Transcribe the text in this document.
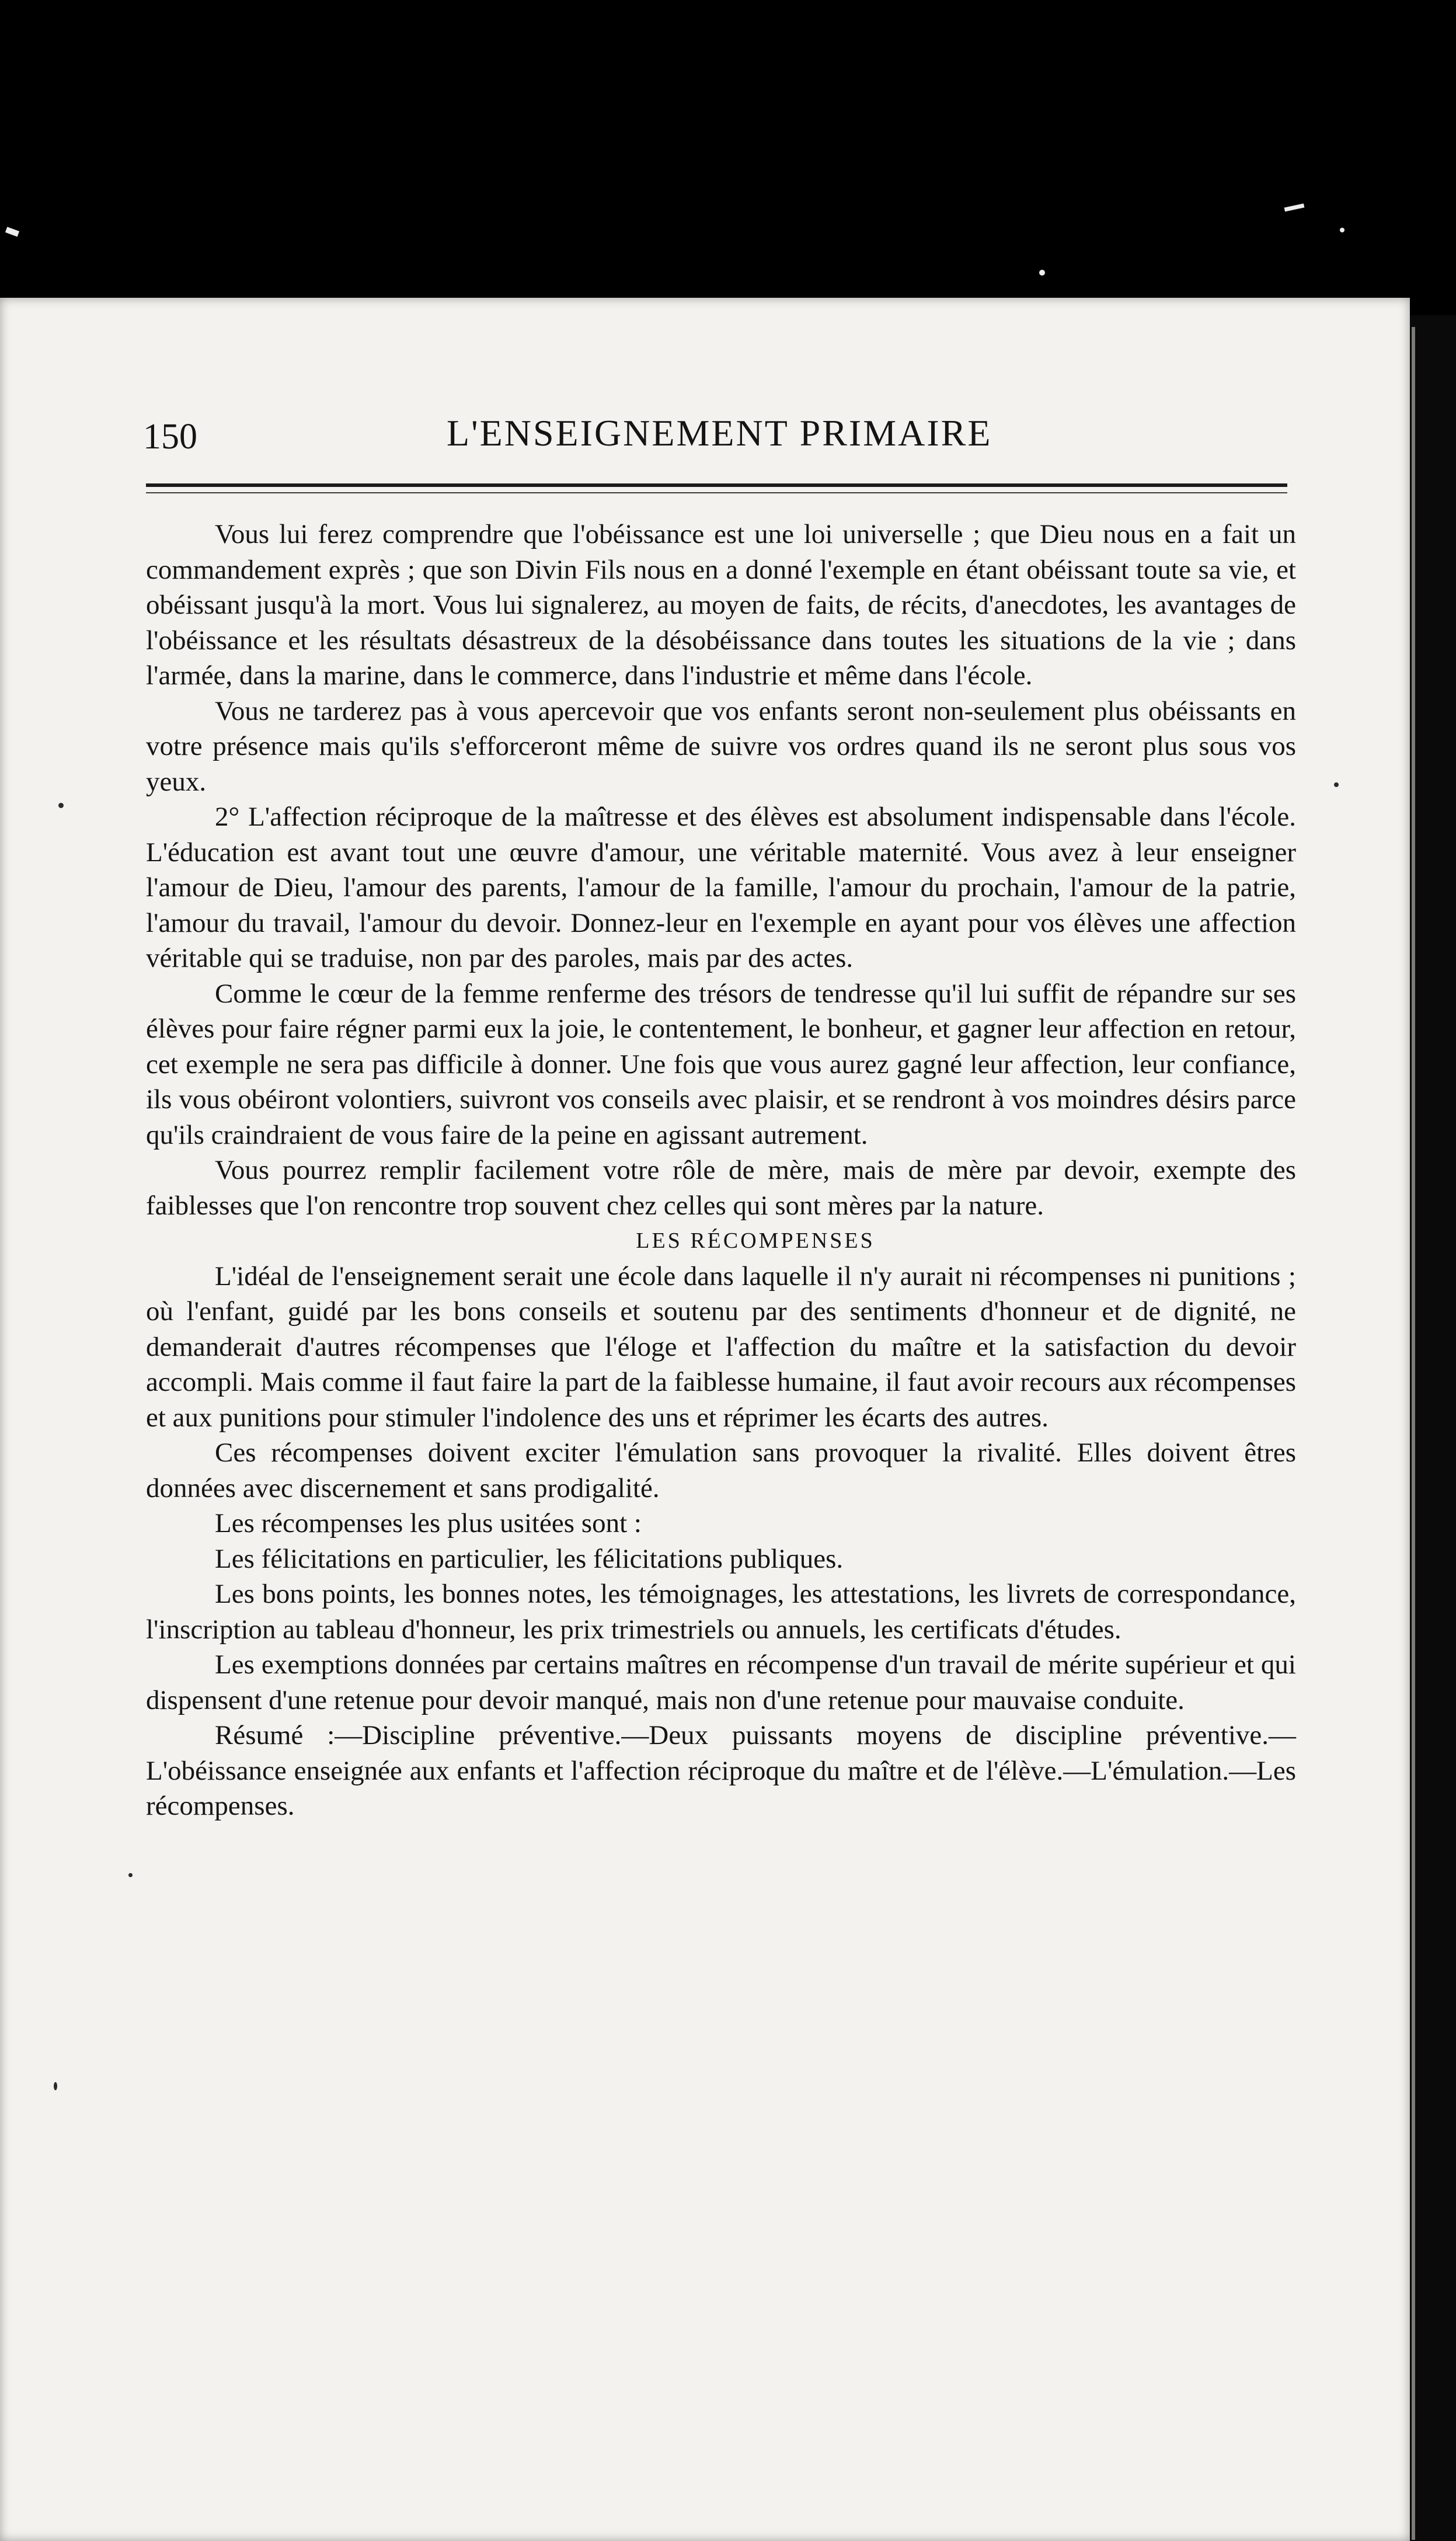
150	L'ENSEIGNEMENT PRIMAIRE

Vous lui ferez comprendre que l'obéissance est une loi universelle ; que Dieu nous en a fait un commandement exprès ; que son Divin Fils nous en a donné l'exemple en étant obéissant toute sa vie, et obéissant jusqu'à la mort. Vous lui signalerez, au moyen de faits, de récits, d'anecdotes, les avantages de l'obéissance et les résultats désastreux de la désobéissance dans toutes les situations de la vie ; dans l'armée, dans la marine, dans le commerce, dans l'industrie et même dans l'école.

Vous ne tarderez pas à vous apercevoir que vos enfants seront non-seulement plus obéissants en votre présence mais qu'ils s'efforceront même de suivre vos ordres quand ils ne seront plus sous vos yeux.

2° L'affection réciproque de la maîtresse et des élèves est absolument indispensable dans l'école. L'éducation est avant tout une œuvre d'amour, une véritable maternité. Vous avez à leur enseigner l'amour de Dieu, l'amour des parents, l'amour de la famille, l'amour du prochain, l'amour de la patrie, l'amour du travail, l'amour du devoir. Donnez-leur en l'exemple en ayant pour vos élèves une affection véritable qui se traduise, non par des paroles, mais par des actes.

Comme le cœur de la femme renferme des trésors de tendresse qu'il lui suffit de répandre sur ses élèves pour faire régner parmi eux la joie, le contentement, le bonheur, et gagner leur affection en retour, cet exemple ne sera pas difficile à donner. Une fois que vous aurez gagné leur affection, leur confiance, ils vous obéiront volontiers, suivront vos conseils avec plaisir, et se rendront à vos moindres désirs parce qu'ils craindraient de vous faire de la peine en agissant autrement.

Vous pourrez remplir facilement votre rôle de mère, mais de mère par devoir, exempte des faiblesses que l'on rencontre trop souvent chez celles qui sont mères par la nature.

LES RÉCOMPENSES

L'idéal de l'enseignement serait une école dans laquelle il n'y aurait ni récompenses ni punitions ; où l'enfant, guidé par les bons conseils et soutenu par des sentiments d'honneur et de dignité, ne demanderait d'autres récompenses que l'éloge et l'affection du maître et la satisfaction du devoir accompli. Mais comme il faut faire la part de la faiblesse humaine, il faut avoir recours aux récompenses et aux punitions pour stimuler l'indolence des uns et réprimer les écarts des autres.

Ces récompenses doivent exciter l'émulation sans provoquer la rivalité. Elles doivent êtres données avec discernement et sans prodigalité.

Les récompenses les plus usitées sont :

Les félicitations en particulier, les félicitations publiques.

Les bons points, les bonnes notes, les témoignages, les attestations, les livrets de correspondance, l'inscription au tableau d'honneur, les prix trimestriels ou annuels, les certificats d'études.

Les exemptions données par certains maîtres en récompense d'un travail de mérite supérieur et qui dispensent d'une retenue pour devoir manqué, mais non d'une retenue pour mauvaise conduite.

Résumé :—Discipline préventive.—Deux puissants moyens de discipline préventive.—L'obéissance enseignée aux enfants et l'affection réciproque du maître et de l'élève.—L'émulation.—Les récompenses.
